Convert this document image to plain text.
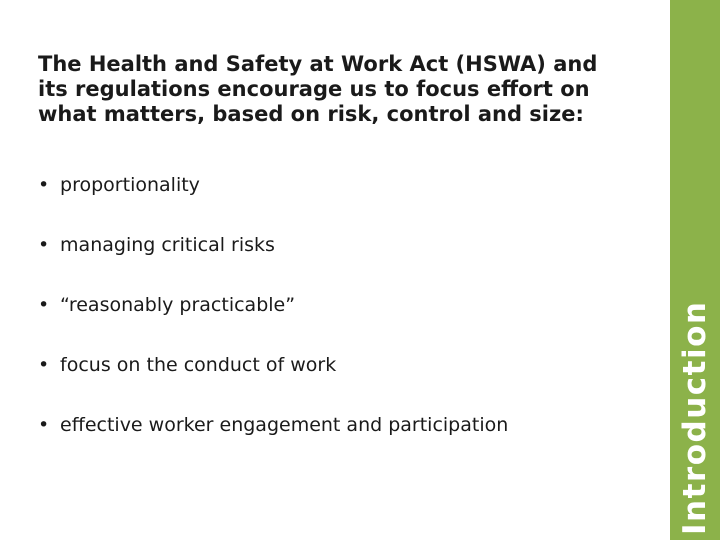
The Health and Safety at Work Act (HSWA) and
its regulations encourage us to focus effort on
what matters, based on risk, control and size:
• proportionality
• managing critical risks
• “reasonably practicable”
• focus on the conduct of work
• effective worker engagement and participation	Introduction
